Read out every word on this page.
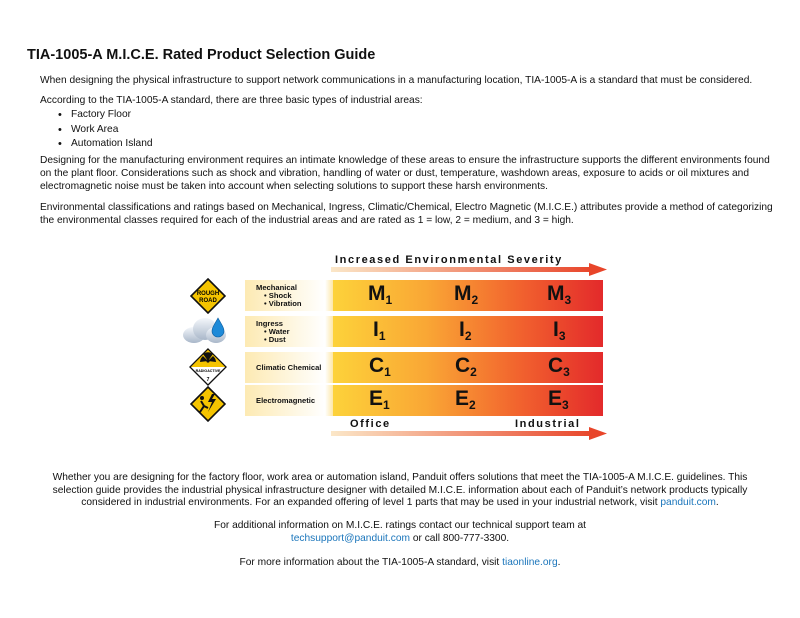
TIA-1005-A M.I.C.E. Rated Product Selection Guide

When designing the physical infrastructure to support network communications in a manufacturing location, TIA-1005-A is a standard that must be considered.

According to the TIA-1005-A standard, there are three basic types of industrial areas:

• Factory Floor
• Work Area
• Automation Island

Designing for the manufacturing environment requires an intimate knowledge of these areas to ensure the infrastructure supports the different environments found on the plant floor. Considerations such as shock and vibration, handling of water or dust, temperature, washdown areas, exposure to acids or oil mixtures and electromagnetic noise must be taken into account when selecting solutions to support these harsh environments.

Environmental classifications and ratings based on Mechanical, Ingress, Climatic/Chemical, Electro Magnetic (M.I.C.E.) attributes provide a method of categorizing the environmental classes required for each of the industrial areas and are rated as 1 = low, 2 = medium, and 3 = high.

Increased Environmental Severity
Mechanical
• Shock
• Vibration	$M_1$	$M_2$	$M_3$
Ingress
• Water
• Dust	$I_1$	$I_2$	$I_3$
Climatic Chemical $C_1$	$C_2$	$C_3$
Electromagnetic	$E_1$	$E_2$	$E_3$
ROUGH
ROAD
RADIOACTIVE
7
Office	Industrial

Whether you are designing for the factory floor, work area or automation island, Panduit offers solutions that meet the TIA-1005-A M.I.C.E. guidelines. This
selection guide provides the industrial physical infrastructure designer with detailed M.I.C.E. information about each of Panduit’s network products typically
considered in industrial environments. For an expanded offering of level 1 parts that may be used in your industrial network, visit panduit.com.

For additional information on M.I.C.E. ratings contact our technical support team at
techsupport@panduit.com or call 800-777-3300.

For more information about the TIA-1005-A standard, visit tiaonline.org.
